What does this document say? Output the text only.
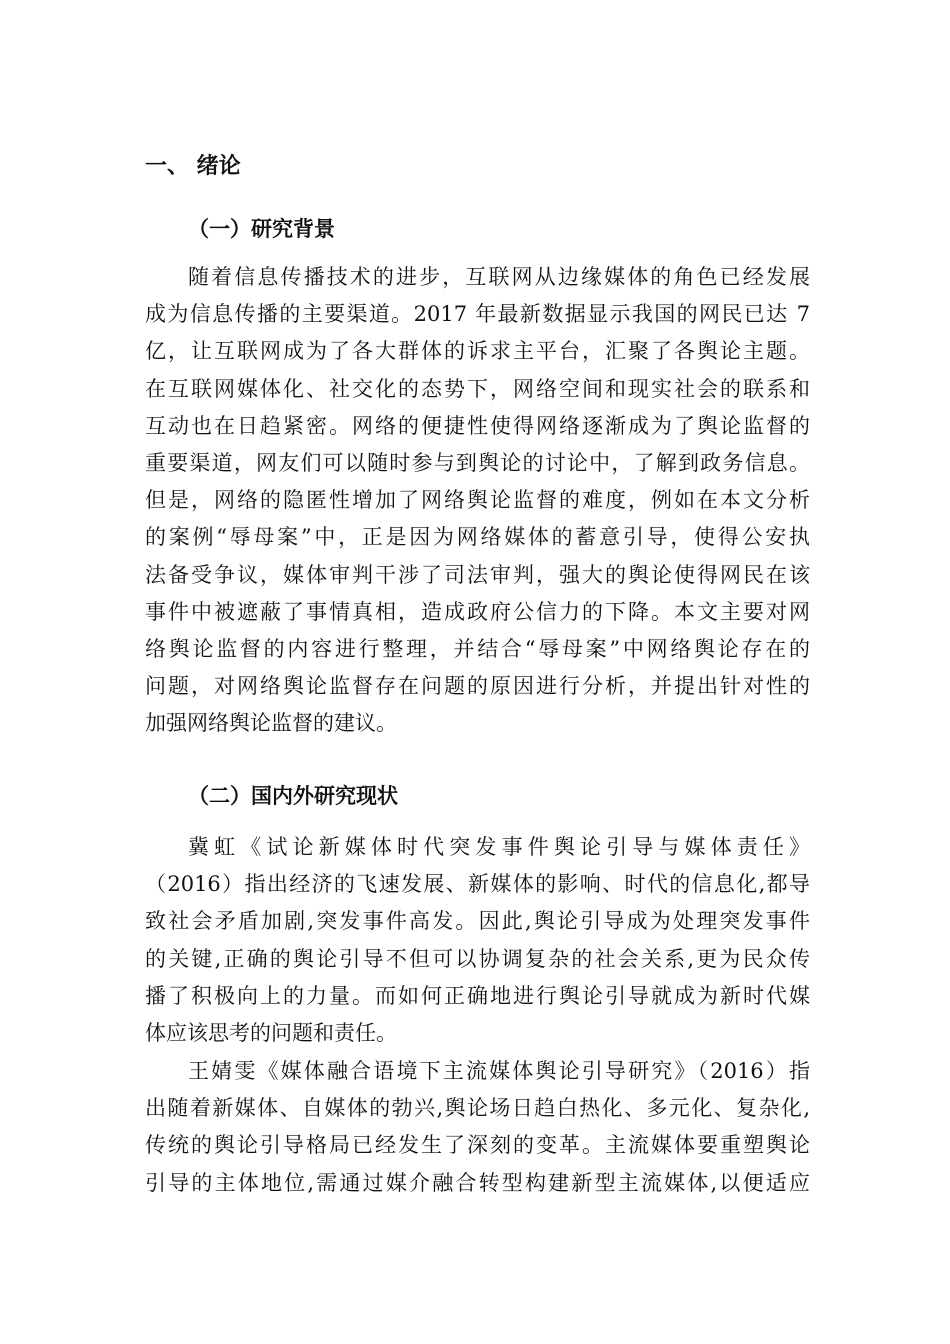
一、 绪论
（一）研究背景
随着信息传播技术的进步，互联网从边缘媒体的角色已经发展
成为信息传播的主要渠道。2017 年最新数据显示我国的网民已达 7
亿，让互联网成为了各大群体的诉求主平台，汇聚了各舆论主题。
在互联网媒体化、社交化的态势下，网络空间和现实社会的联系和
互动也在日趋紧密。网络的便捷性使得网络逐渐成为了舆论监督的
重要渠道，网友们可以随时参与到舆论的讨论中，了解到政务信息。
但是，网络的隐匿性增加了网络舆论监督的难度，例如在本文分析
的案例“辱母案”中，正是因为网络媒体的蓄意引导，使得公安执
法备受争议，媒体审判干涉了司法审判，强大的舆论使得网民在该
事件中被遮蔽了事情真相，造成政府公信力的下降。本文主要对网
络舆论监督的内容进行整理，并结合“辱母案”中网络舆论存在的
问题，对网络舆论监督存在问题的原因进行分析，并提出针对性的
加强网络舆论监督的建议。
（二）国内外研究现状
冀虹《试论新媒体时代突发事件舆论引导与媒体责任》
（2016）指出经济的飞速发展、新媒体的影响、时代的信息化,都导
致社会矛盾加剧,突发事件高发。因此,舆论引导成为处理突发事件
的关键,正确的舆论引导不但可以协调复杂的社会关系,更为民众传
播了积极向上的力量。而如何正确地进行舆论引导就成为新时代媒
体应该思考的问题和责任。
王婧雯《媒体融合语境下主流媒体舆论引导研究》（2016）指
出随着新媒体、自媒体的勃兴,舆论场日趋白热化、多元化、复杂化,
传统的舆论引导格局已经发生了深刻的变革。主流媒体要重塑舆论
引导的主体地位,需通过媒介融合转型构建新型主流媒体,以便适应
